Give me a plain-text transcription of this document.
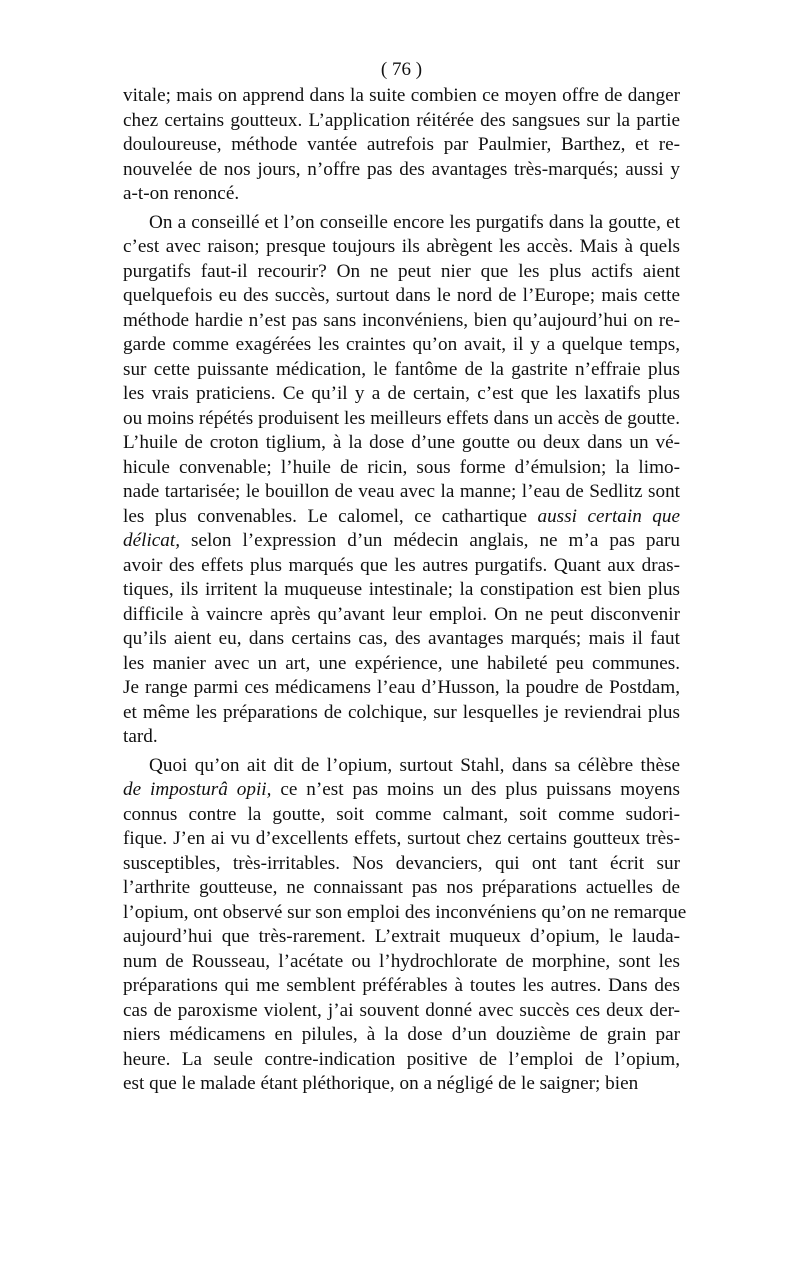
( 76 )
vitale; mais on apprend dans la suite combien ce moyen offre de danger
chez certains goutteux. L’application réitérée des sangsues sur la partie
douloureuse, méthode vantée autrefois par Paulmier, Barthez, et re-
nouvelée de nos jours, n’offre pas des avantages très-marqués; aussi y
a-t-on renoncé.
On a conseillé et l’on conseille encore les purgatifs dans la goutte, et
c’est avec raison; presque toujours ils abrègent les accès. Mais à quels
purgatifs faut-il recourir? On ne peut nier que les plus actifs aient
quelquefois eu des succès, surtout dans le nord de l’Europe; mais cette
méthode hardie n’est pas sans inconvéniens, bien qu’aujourd’hui on re-
garde comme exagérées les craintes qu’on avait, il y a quelque temps,
sur cette puissante médication, le fantôme de la gastrite n’effraie plus
les vrais praticiens. Ce qu’il y a de certain, c’est que les laxatifs plus
ou moins répétés produisent les meilleurs effets dans un accès de goutte.
L’huile de croton tiglium, à la dose d’une goutte ou deux dans un vé-
hicule convenable; l’huile de ricin, sous forme d’émulsion; la limo-
nade tartarisée; le bouillon de veau avec la manne; l’eau de Sedlitz sont
les plus convenables. Le calomel, ce cathartique aussi certain que
délicat, selon l’expression d’un médecin anglais, ne m’a pas paru
avoir des effets plus marqués que les autres purgatifs. Quant aux dras-
tiques, ils irritent la muqueuse intestinale; la constipation est bien plus
difficile à vaincre après qu’avant leur emploi. On ne peut disconvenir
qu’ils aient eu, dans certains cas, des avantages marqués; mais il faut
les manier avec un art, une expérience, une habileté peu communes.
Je range parmi ces médicamens l’eau d’Husson, la poudre de Postdam,
et même les préparations de colchique, sur lesquelles je reviendrai plus
tard.
Quoi qu’on ait dit de l’opium, surtout Stahl, dans sa célèbre thèse
de imposturâ opii, ce n’est pas moins un des plus puissans moyens
connus contre la goutte, soit comme calmant, soit comme sudori-
fique. J’en ai vu d’excellents effets, surtout chez certains goutteux très-
susceptibles, très-irritables. Nos devanciers, qui ont tant écrit sur
l’arthrite goutteuse, ne connaissant pas nos préparations actuelles de
l’opium, ont observé sur son emploi des inconvéniens qu’on ne remarque
aujourd’hui que très-rarement. L’extrait muqueux d’opium, le lauda-
num de Rousseau, l’acétate ou l’hydrochlorate de morphine, sont les
préparations qui me semblent préférables à toutes les autres. Dans des
cas de paroxisme violent, j’ai souvent donné avec succès ces deux der-
niers médicamens en pilules, à la dose d’un douzième de grain par
heure. La seule contre-indication positive de l’emploi de l’opium,
est que le malade étant pléthorique, on a négligé de le saigner; bien
